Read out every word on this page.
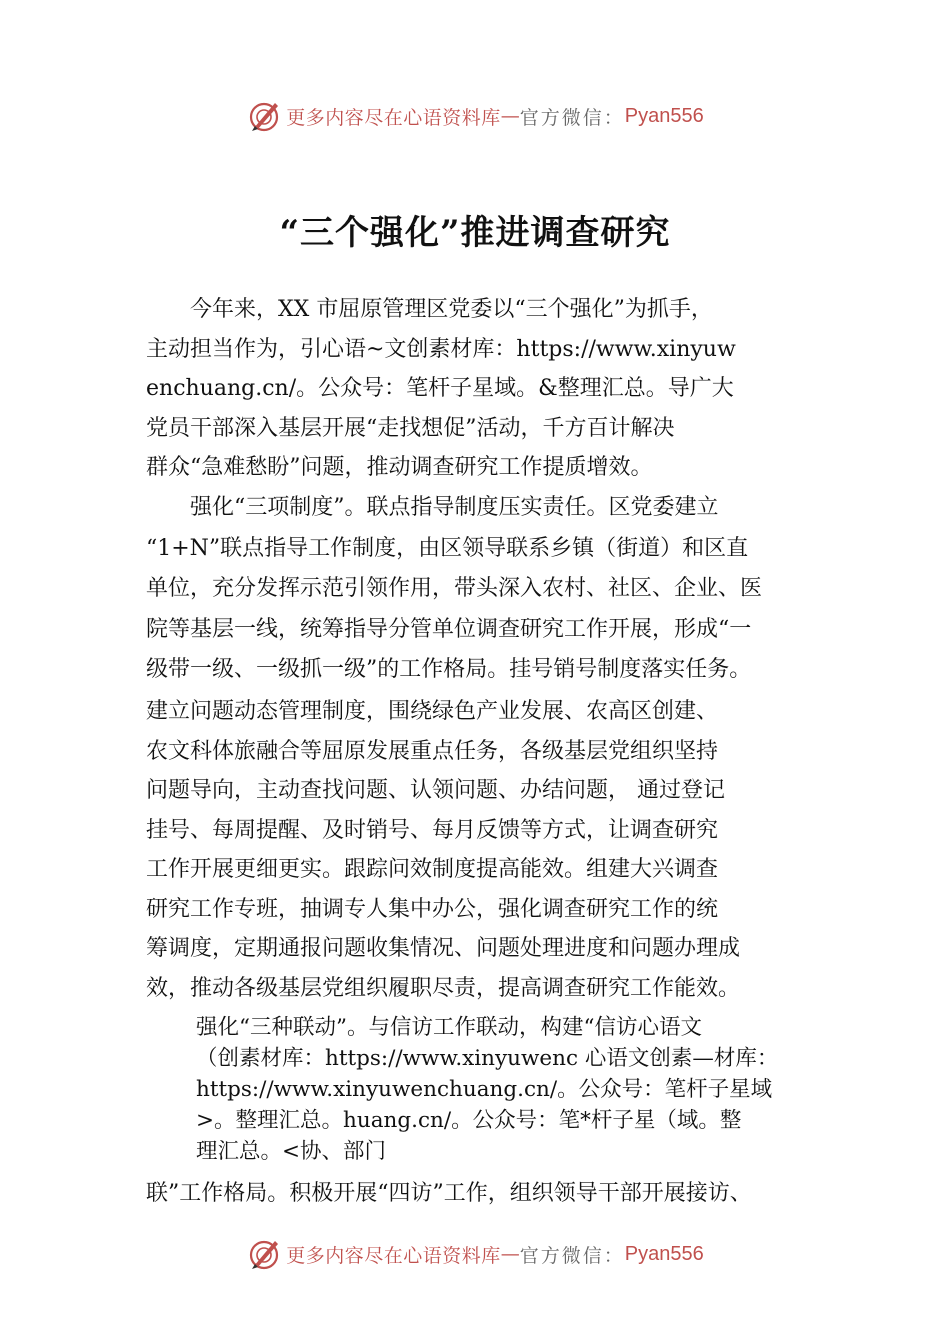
更多内容尽在心语资料库 — 官方微信： Pyan556
“三个强化”推进调查研究

今年来，XX 市屈原管理区党委以“三个强化”为抓手，
主动担当作为，引心语~文创素材库：https://www.xinyuw
enchuang.cn/。公众号：笔杆子星域。&整理汇总。导广大
党员干部深入基层开展“走找想促”活动，千方百计解决
群众“急难愁盼”问题，推动调查研究工作提质增效。

强化“三项制度”。联点指导制度压实责任。区党委建立
“1+N”联点指导工作制度，由区领导联系乡镇（街道）和区直
单位，充分发挥示范引领作用，带头深入农村、社区、企业、医
院等基层一线，统筹指导分管单位调查研究工作开展，形成“一
级带一级、一级抓一级”的工作格局。挂号销号制度落实任务。

建立问题动态管理制度，围绕绿色产业发展、农高区创建、
农文科体旅融合等屈原发展重点任务，各级基层党组织坚持
问题导向，主动查找问题、认领问题、办结问题， 通过登记
挂号、每周提醒、及时销号、每月反馈等方式，让调查研究
工作开展更细更实。跟踪问效制度提高能效。组建大兴调查
研究工作专班，抽调专人集中办公，强化调查研究工作的统
筹调度，定期通报问题收集情况、问题处理进度和问题办理成
效，推动各级基层党组织履职尽责，提高调查研究工作能效。

强化“三种联动”。与信访工作联动，构建“信访心语文
（创素材库：https://www.xinyuwenc 心语文创素—材库：
https://www.xinyuwenchuang.cn/。公众号：笔杆子星域
>。整理汇总。huang.cn/。公众号：笔*杆子星（域。整
理汇总。<协、部门

联”工作格局。积极开展“四访”工作，组织领导干部开展接访、

更多内容尽在心语资料库 — 官方微信： Pyan556
